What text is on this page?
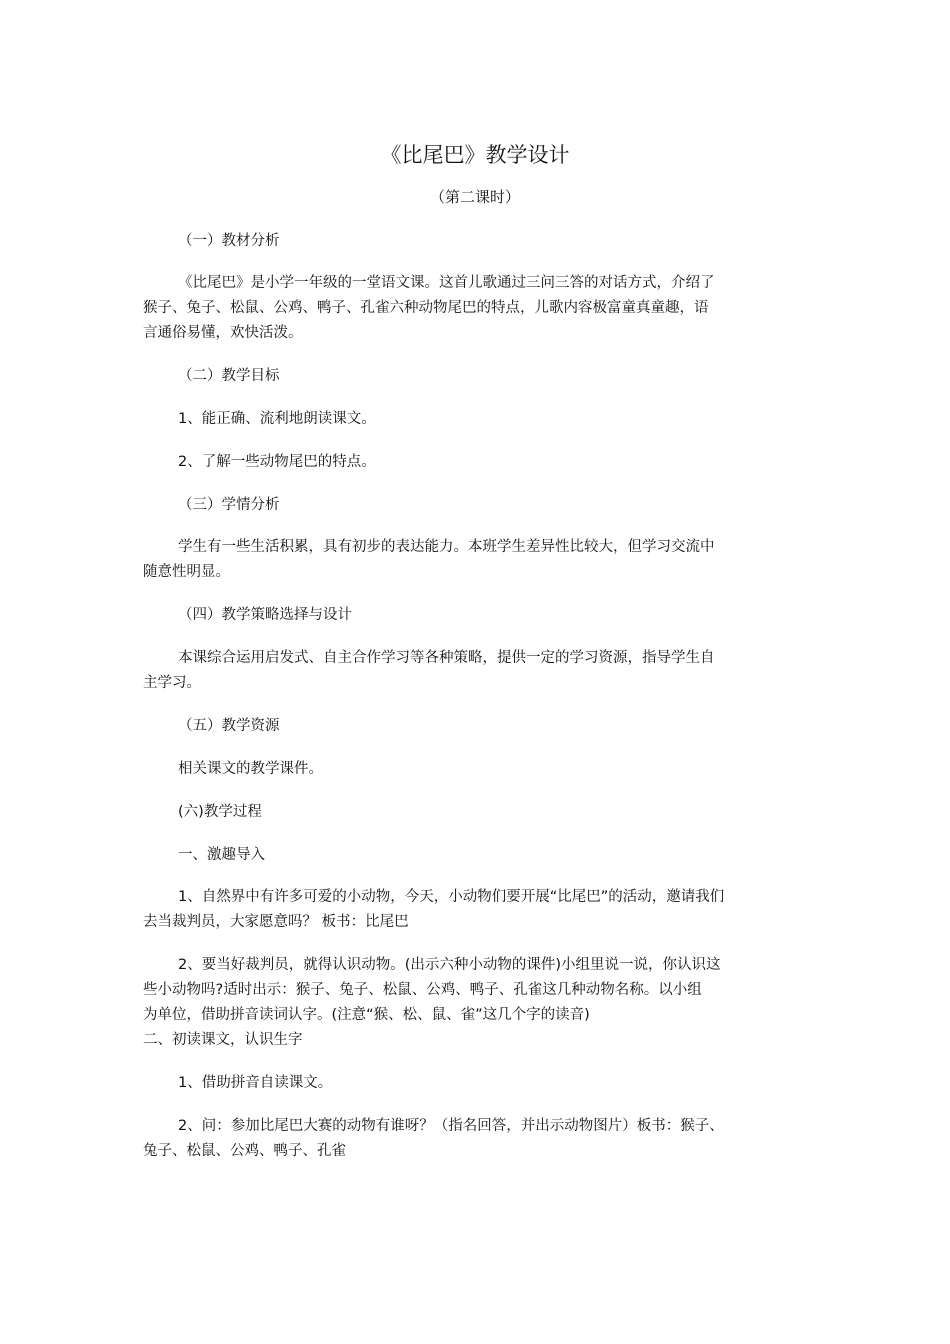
《比尾巴》教学设计
（第二课时）
（一）教材分析
《比尾巴》是小学一年级的一堂语文课。这首儿歌通过三问三答的对话方式，介绍了
猴子、兔子、松鼠、公鸡、鸭子、孔雀六种动物尾巴的特点，儿歌内容极富童真童趣，语
言通俗易懂，欢快活泼。
（二）教学目标
1、能正确、流利地朗读课文。
2、了解一些动物尾巴的特点。
（三）学情分析
学生有一些生活积累，具有初步的表达能力。本班学生差异性比较大，但学习交流中
随意性明显。
（四）教学策略选择与设计
本课综合运用启发式、自主合作学习等各种策略，提供一定的学习资源，指导学生自
主学习。
（五）教学资源
相关课文的教学课件。
(六)教学过程
一、激趣导入
1、自然界中有许多可爱的小动物，今天，小动物们要开展“比尾巴”的活动，邀请我们
去当裁判员，大家愿意吗？ 板书：比尾巴
2、要当好裁判员，就得认识动物。(出示六种小动物的课件)小组里说一说，你认识这
些小动物吗?适时出示：猴子、兔子、松鼠、公鸡、鸭子、孔雀这几种动物名称。以小组
为单位，借助拼音读词认字。(注意“猴、松、鼠、雀”这几个字的读音)
二、初读课文，认识生字
1、借助拼音自读课文。
2、问：参加比尾巴大赛的动物有谁呀？（指名回答，并出示动物图片）板书：猴子、
兔子、松鼠、公鸡、鸭子、孔雀
